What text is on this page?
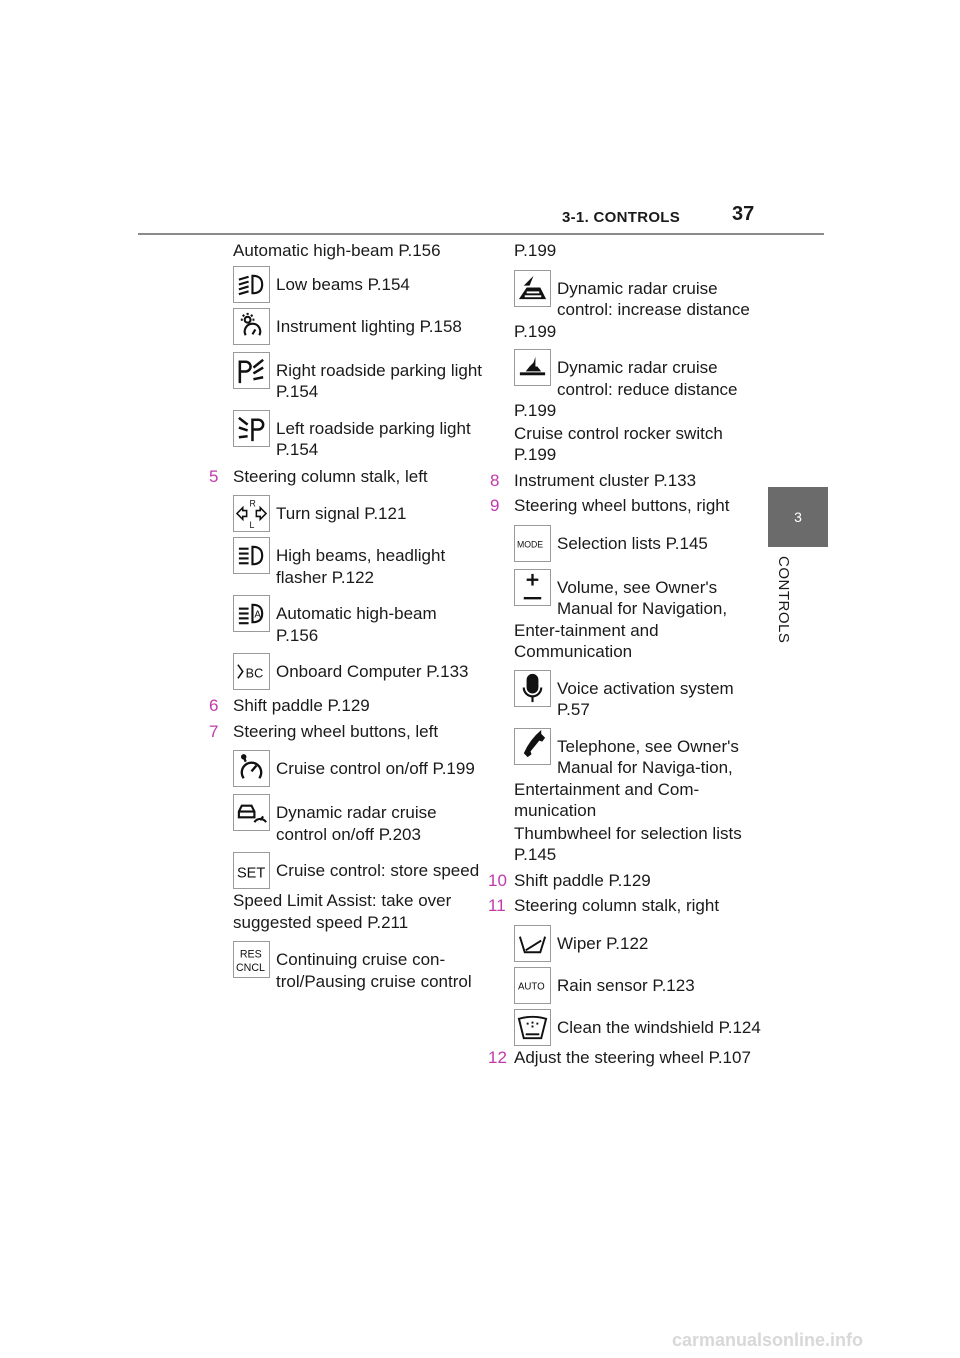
3-1. CONTROLS	37
3
CONTROLS
Automatic high-beam P.156
Low beams P.154
Instrument lighting P.158
Right roadside parking light P.154
Left roadside parking light P.154
5 Steering column stalk, left
R
L
Turn signal P.121
High beams, headlight flasher P.122
A Automatic high-beam P.156
BC Onboard Computer P.133
6 Shift paddle P.129
7 Steering wheel buttons, left
Cruise control on/off P.199
Dynamic radar cruise control on/off P.203
SET Cruise control: store speed
Speed Limit Assist: take over suggested speed P.211
RES
CNCL Continuing cruise con-trol/Pausing cruise control
P.199
Dynamic radar cruise control: increase distance P.199
Dynamic radar cruise control: reduce distance P.199
Cruise control rocker switch P.199
8 Instrument cluster P.133
9 Steering wheel buttons, right
MODE Selection lists P.145
Volume, see Owner's Manual for Navigation, Enter-tainment and Communication
Voice activation system P.57
Telephone, see Owner's Manual for Naviga-tion, Entertainment and Com-munication
Thumbwheel for selection lists P.145
10 Shift paddle P.129
11 Steering column stalk, right
Wiper P.122
AUTO Rain sensor P.123
Clean the windshield P.124
12 Adjust the steering wheel P.107
carmanualsonline.info
